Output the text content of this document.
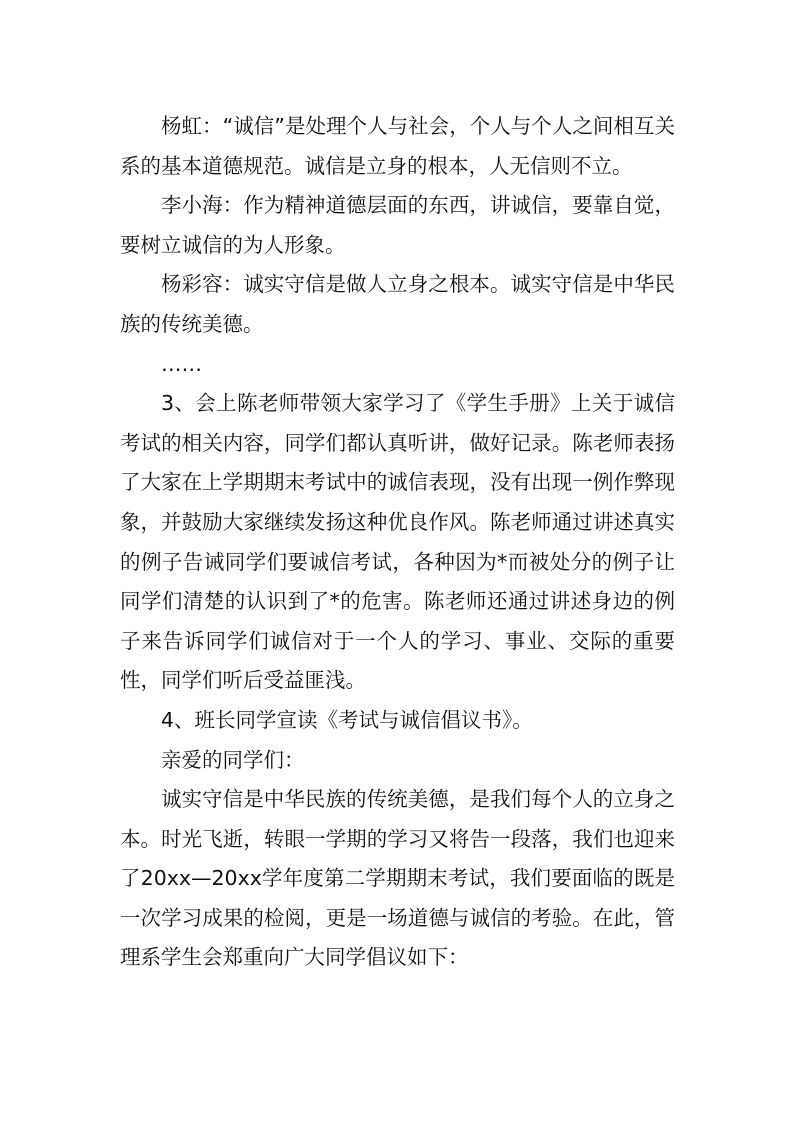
杨虹：“诚信”是处理个人与社会，个人与个人之间相互关系的基本道德规范。诚信是立身的根本，人无信则不立。

李小海：作为精神道德层面的东西，讲诚信，要靠自觉，要树立诚信的为人形象。

杨彩容：诚实守信是做人立身之根本。诚实守信是中华民族的传统美德。

……

3、会上陈老师带领大家学习了《学生手册》上关于诚信考试的相关内容，同学们都认真听讲，做好记录。陈老师表扬了大家在上学期期末考试中的诚信表现，没有出现一例作弊现象，并鼓励大家继续发扬这种优良作风。陈老师通过讲述真实的例子告诫同学们要诚信考试，各种因为*而被处分的例子让同学们清楚的认识到了*的危害。陈老师还通过讲述身边的例子来告诉同学们诚信对于一个人的学习、事业、交际的重要性，同学们听后受益匪浅。

4、班长同学宣读《考试与诚信倡议书》。

亲爱的同学们：

诚实守信是中华民族的传统美德，是我们每个人的立身之本。时光飞逝，转眼一学期的学习又将告一段落，我们也迎来了20xx—20xx学年度第二学期期末考试，我们要面临的既是一次学习成果的检阅，更是一场道德与诚信的考验。在此，管理系学生会郑重向广大同学倡议如下：
